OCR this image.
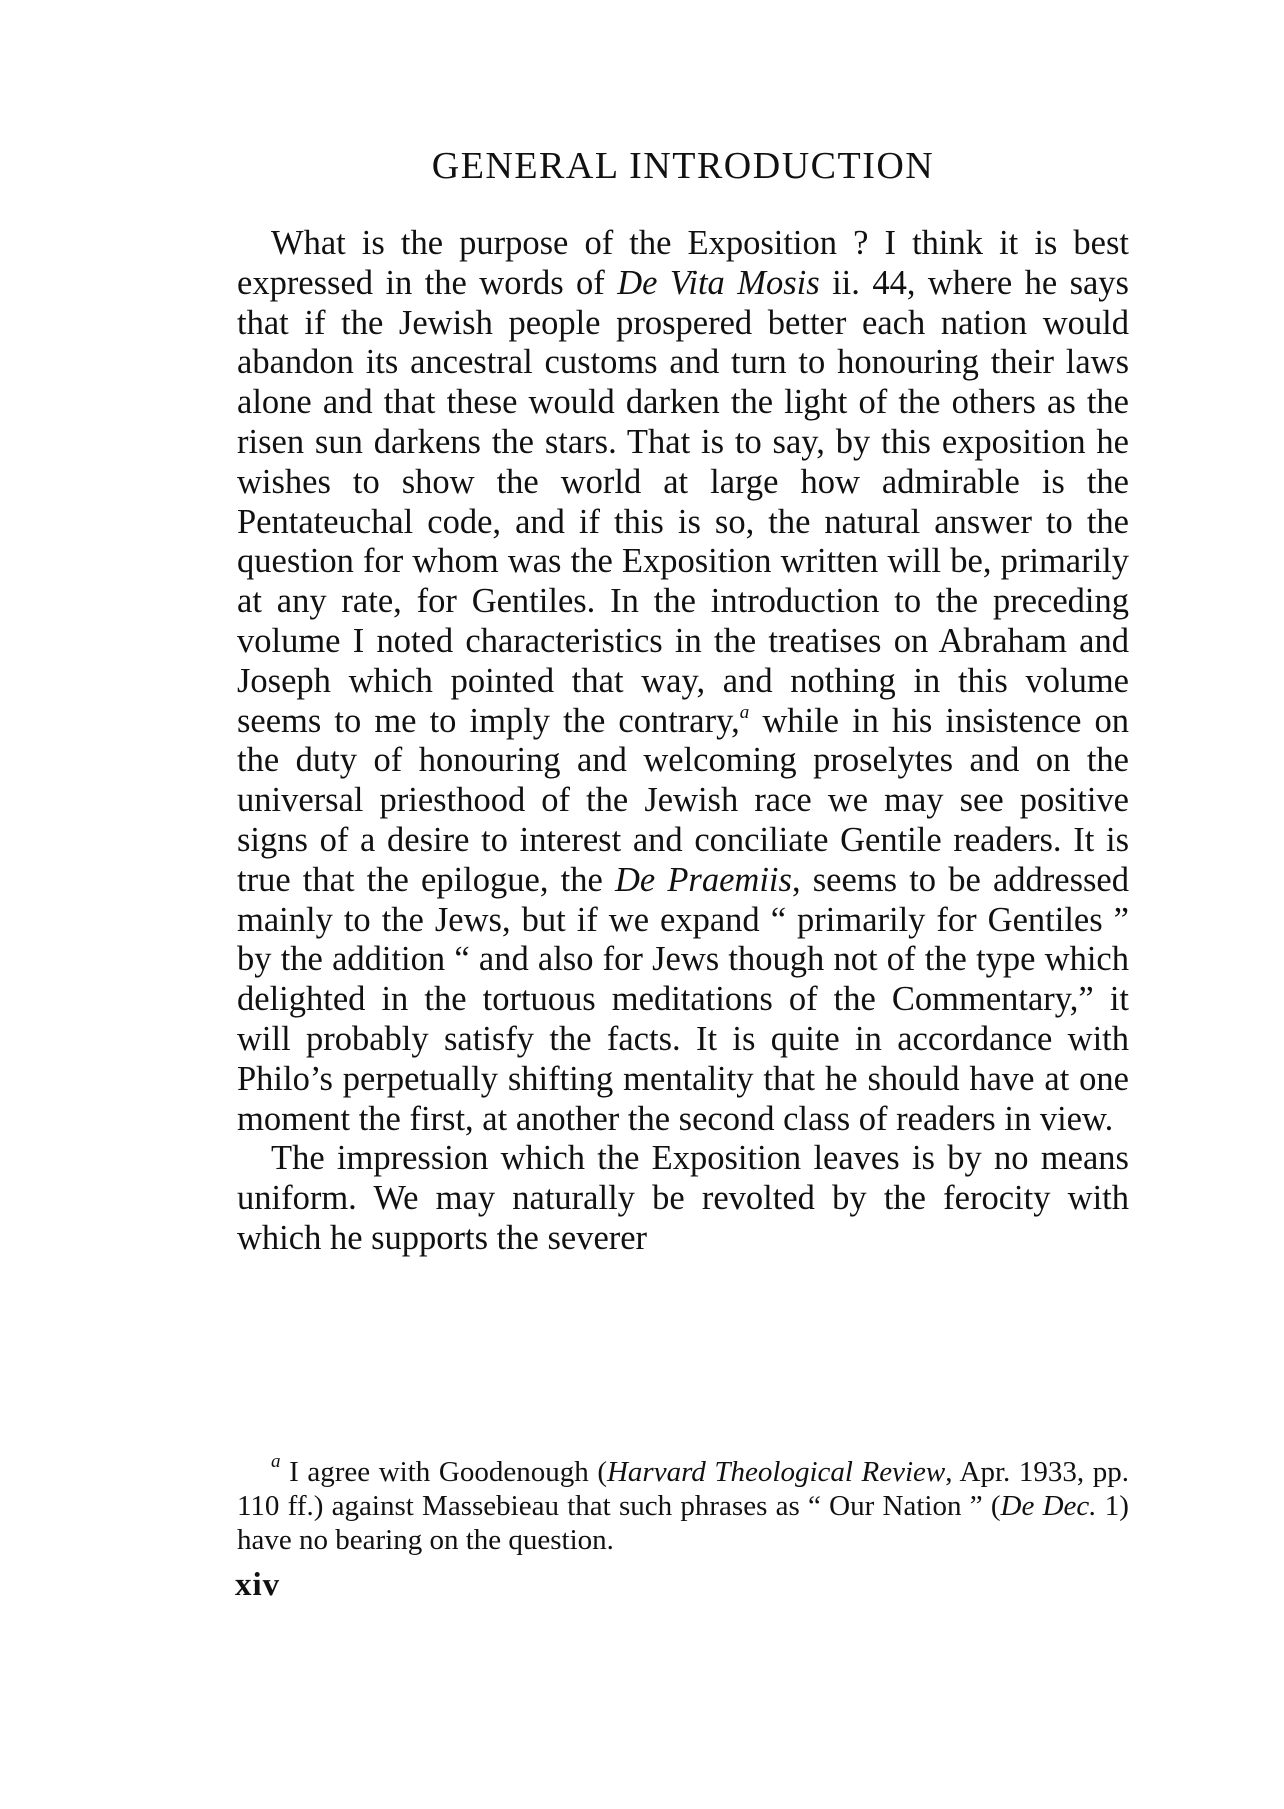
GENERAL INTRODUCTION

What is the purpose of the Exposition ? I think it is best expressed in the words of De Vita Mosis ii. 44, where he says that if the Jewish people prospered better each nation would abandon its ancestral customs and turn to honouring their laws alone and that these would darken the light of the others as the risen sun darkens the stars. That is to say, by this exposition he wishes to show the world at large how admirable is the Pentateuchal code, and if this is so, the natural answer to the question for whom was the Exposition written will be, primarily at any rate, for Gentiles. In the introduction to the preceding volume I noted characteristics in the treatises on Abraham and Joseph which pointed that way, and nothing in this volume seems to me to imply the contrary,$^a$ while in his insistence on the duty of honouring and welcoming proselytes and on the universal priesthood of the Jewish race we may see positive signs of a desire to interest and conciliate Gentile readers. It is true that the epilogue, the De Praemiis, seems to be addressed mainly to the Jews, but if we expand “ primarily for Gentiles ” by the addition “ and also for Jews though not of the type which delighted in the tortuous meditations of the Commentary,” it will probably satisfy the facts. It is quite in accordance with Philo’s perpetually shifting mentality that he should have at one moment the first, at another the second class of readers in view.

The impression which the Exposition leaves is by no means uniform. We may naturally be revolted by the ferocity with which he supports the severer

$^a$ I agree with Goodenough (Harvard Theological Review, Apr. 1933, pp. 110 ff.) against Massebieau that such phrases as “ Our Nation ” (De Dec. 1) have no bearing on the question.

xiv
